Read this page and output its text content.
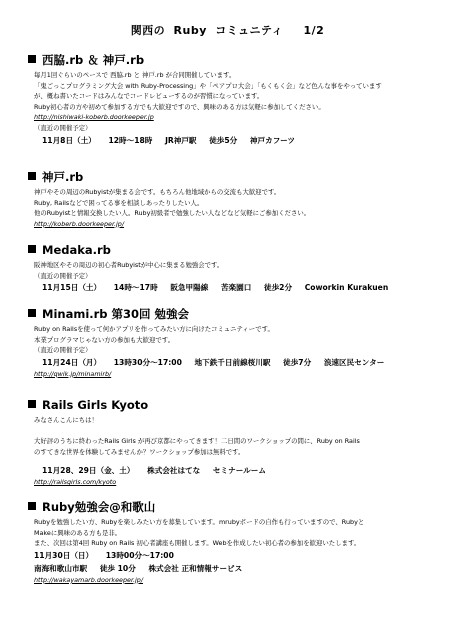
関西の Ruby コミュニティ 1/2
西脇.rb ＆ 神戸.rb
毎月1回ぐらいのペースで 西脇.rb と 神戸.rb が合同開催しています。
「鬼ごっこプログラミング大会 with Ruby-Processing」や「ペアプロ大会」「もくもく会」など色んな事をやっています
が、概ね書いたコードはみんなでコードレビューするのが習慣になっています。
Ruby初心者の方や初めて参加する方でも大歓迎ですので、興味のある方は気軽に参加してください。
http://nishiwaki-koberb.doorkeeper.jp
（直近の開催予定）
11月8日（土） 12時～18時 JR神戸駅 徒歩5分 神戸カフーツ
神戸.rb
神戸やその周辺のRubyistが集まる会です。もちろん他地域からの交流も大歓迎です。
Ruby, Railsなどで困ってる事を相談しあったりしたい人。
他のRubyistと情報交換したい人。Ruby初級者で勉強したい人などなど気軽にご参加ください。
http://koberb.doorkeeper.jp/
Medaka.rb
阪神地区やその周辺の初心者Rubyistが中心に集まる勉強会です。
（直近の開催予定）
11月15日（土） 14時～17時 阪急甲陽線 苦楽園口 徒歩2分 Coworkin Kurakuen
Minami.rb 第30回 勉強会
Ruby on Railsを使って何かアプリを作ってみたい方に向けたコミュニティーです。
本業プログラマじゃない方の参加も大歓迎です。
（直近の開催予定）
11月24日（月） 13時30分～17:00 地下鉄千日前線桜川駅 徒歩7分 浪速区民センター
http://qwik.jp/minamirb/
Rails Girls Kyoto
みなさんこんにちは！
大好評のうちに終わったRails Girls が再び京都にやってきます！二日間のワークショップの間に、Ruby on Rails
のすてきな世界を体験してみませんか？ワークショップ参加は無料です。
11月28、29日（金、土） 株式会社はてな セミナールーム
http://railsgirls.com/kyoto
Ruby勉強会@和歌山
Rubyを勉強したい方、Rubyを楽しみたい方を募集しています。mrubyボードの自作も行っていますので、Rubyと
Makeに興味のある方も是非。
また、次回は第4回 Ruby on Rails 初心者講座も開催します。Webを作成したい初心者の参加を歓迎いたします。
11月30日（日） 13時00分～17:00
南海和歌山市駅 徒歩 10分 株式会社 正和情報サービス
http://wakayamarb.doorkeeper.jp/
